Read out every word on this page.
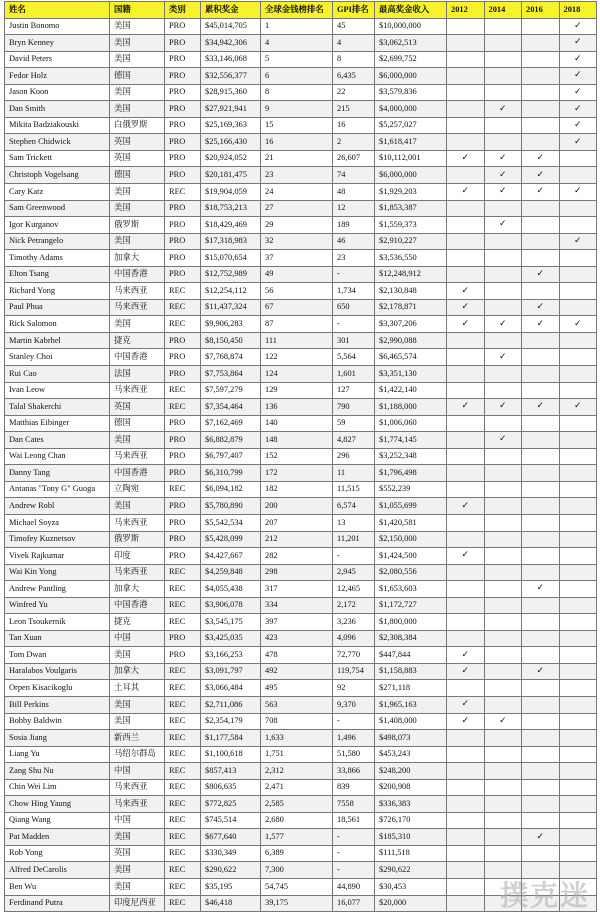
姓名	国籍	类别	累积奖金	全球金钱榜排名	GPI排名	最高奖金收入	2012	2014	2016	2018
Justin Bonomo	美国	PRO	$45,014,705	1	45	$10,000,000				✓
Bryn Kenney	美国	PRO	$34,942,306	4	4	$3,062,513				✓
David Peters	美国	PRO	$33,146,068	5	8	$2,699,752				✓
Fedor Holz	德国	PRO	$32,556,377	6	6,435	$6,000,000				✓
Jason Koon	美国	PRO	$28,915,360	8	22	$3,579,836				✓
Dan Smith	美国	PRO	$27,921,941	9	215	$4,000,000		✓		✓
Mikita Badziakouski	白俄罗斯	PRO	$25,169,363	15	16	$5,257,027				✓
Stephen Chidwick	英国	PRO	$25,166,430	16	2	$1,618,417				✓
Sam Trickett	英国	PRO	$20,924,052	21	26,607	$10,112,001	✓	✓	✓	
Christoph Vogelsang	德国	PRO	$20,181,475	23	74	$6,000,000		✓	✓	
Cary Katz	美国	REC	$19,904,059	24	48	$1,929,203	✓	✓	✓	✓
Sam Greenwood	美国	PRO	$18,753,213	27	12	$1,853,387				
Igor Kurganov	俄罗斯	PRO	$18,429,469	29	189	$1,559,373		✓		
Nick Petrangelo	美国	PRO	$17,318,983	32	46	$2,910,227				✓
Timothy Adams	加拿大	PRO	$15,070,654	37	23	$3,536,550				
Elton Tsang	中国香港	PRO	$12,752,989	49	-	$12,248,912			✓	
Richard Yong	马来西亚	REC	$12,254,112	56	1,734	$2,130,848	✓			
Paul Phua	马来西亚	REC	$11,437,324	67	650	$2,178,871	✓		✓	
Rick Salomon	美国	REC	$9,906,283	87	-	$3,307,206	✓	✓	✓	✓
Martin Kabrhel	捷克	PRO	$8,150,450	111	301	$2,990,088				
Stanley Choi	中国香港	PRO	$7,768,874	122	5,564	$6,465,574		✓		
Rui Cao	法国	PRO	$7,753,864	124	1,601	$3,351,130				
Ivan Leow	马来西亚	REC	$7,597,279	129	127	$1,422,140				
Talal Shakerchi	英国	REC	$7,354,464	136	790	$1,188,000	✓	✓	✓	✓
Matthias Eibinger	德国	PRO	$7,162,469	140	59	$1,006,060				
Dan Cates	美国	PRO	$6,882,879	148	4,827	$1,774,145		✓		
Wai Leong Chan	马来西亚	PRO	$6,797,407	152	296	$3,252,348				
Danny Tang	中国香港	PRO	$6,310,799	172	11	$1,796,498				
Antanas "Tony G" Guoga	立陶宛	REC	$6,094,182	182	11,515	$552,239				
Andrew Robl	美国	PRO	$5,780,890	200	6,574	$1,055,699	✓			
Michael Soyza	马来西亚	PRO	$5,542,534	207	13	$1,420,581				
Timofey Kuznetsov	俄罗斯	PRO	$5,428,099	212	11,201	$2,150,000				
Vivek Rajkumar	印度	PRO	$4,427,667	282	-	$1,424,500	✓			
Wai Kin Yong	马来西亚	REC	$4,259,848	298	2,945	$2,080,556				
Andrew Pantling	加拿大	REC	$4,055,438	317	12,465	$1,653,603			✓	
Winfred Yu	中国香港	REC	$3,906,078	334	2,172	$1,172,727				
Leon Tsoukernik	捷克	REC	$3,545,175	397	3,236	$1,800,000				
Tan Xuan	中国	PRO	$3,425,035	423	4,096	$2,308,384				
Tom Dwan	美国	PRO	$3,166,253	478	72,770	$447,844	✓			
Haralabos Voulgaris	加拿大	REC	$3,091,797	492	119,754	$1,158,883	✓		✓	
Orpen Kisacikoglu	土耳其	REC	$3,066,484	495	92	$271,118				
Bill Perkins	美国	REC	$2,711,086	563	9,370	$1,965,163	✓			
Bobby Baldwin	美国	REC	$2,354,179	708	-	$1,408,000	✓	✓		
Sosia Jiang	新西兰	REC	$1,177,584	1,633	1,496	$498,073				
Liang Yu	马绍尔群岛	REC	$1,100,618	1,751	51,580	$453,243				
Zang Shu Nu	中国	REC	$857,413	2,312	33,866	$248,200				
Chin Wei Lim	马来西亚	REC	$806,635	2,471	839	$200,908				
Chow Hing Yaung	马来西亚	REC	$772,825	2,585	7558	$336,383				
Qiang Wang	中国	REC	$745,514	2,680	18,561	$726,170				
Pat Madden	美国	REC	$677,640	1,577	-	$185,310			✓	
Rob Yong	英国	REC	$330,349	6,389	-	$111,518				
Alfred DeCarolis	美国	REC	$290,622	7,300	-	$290,622				
Ben Wu	美国	REC	$35,195	54,745	44,890	$30,453				
Ferdinand Putra	印度尼西亚	REC	$46,418	39,175	16,077	$20,000					撲克迷
